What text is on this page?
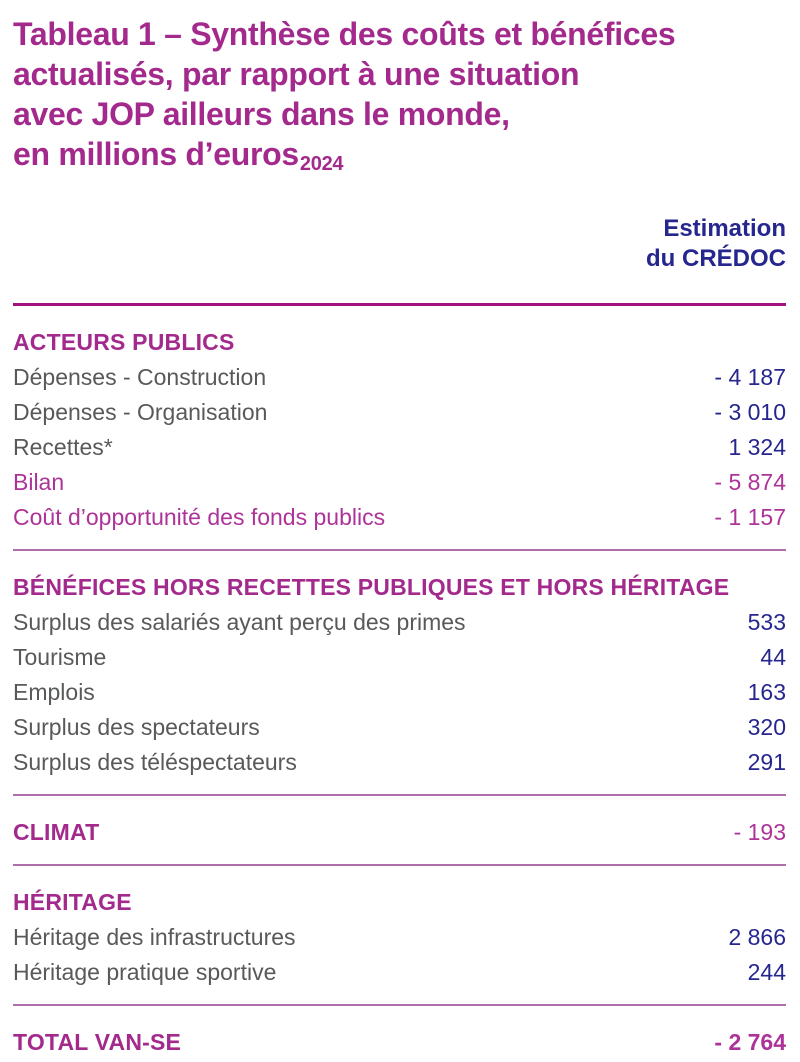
Tableau 1 – Synthèse des coûts et bénéfices
actualisés, par rapport à une situation
avec JOP ailleurs dans le monde,
en millions d’euros2024
Estimation
du CRÉDOC
ACTEURS PUBLICS
Dépenses - Construction	- 4 187
Dépenses - Organisation	- 3 010
Recettes*	1 324
Bilan	- 5 874
Coût d’opportunité des fonds publics	- 1 157
BÉNÉFICES HORS RECETTES PUBLIQUES ET HORS HÉRITAGE
Surplus des salariés ayant perçu des primes	533
Tourisme	44
Emplois	163
Surplus des spectateurs	320
Surplus des téléspectateurs	291
CLIMAT	- 193
HÉRITAGE
Héritage des infrastructures	2 866
Héritage pratique sportive	244
TOTAL VAN-SE	- 2 764
